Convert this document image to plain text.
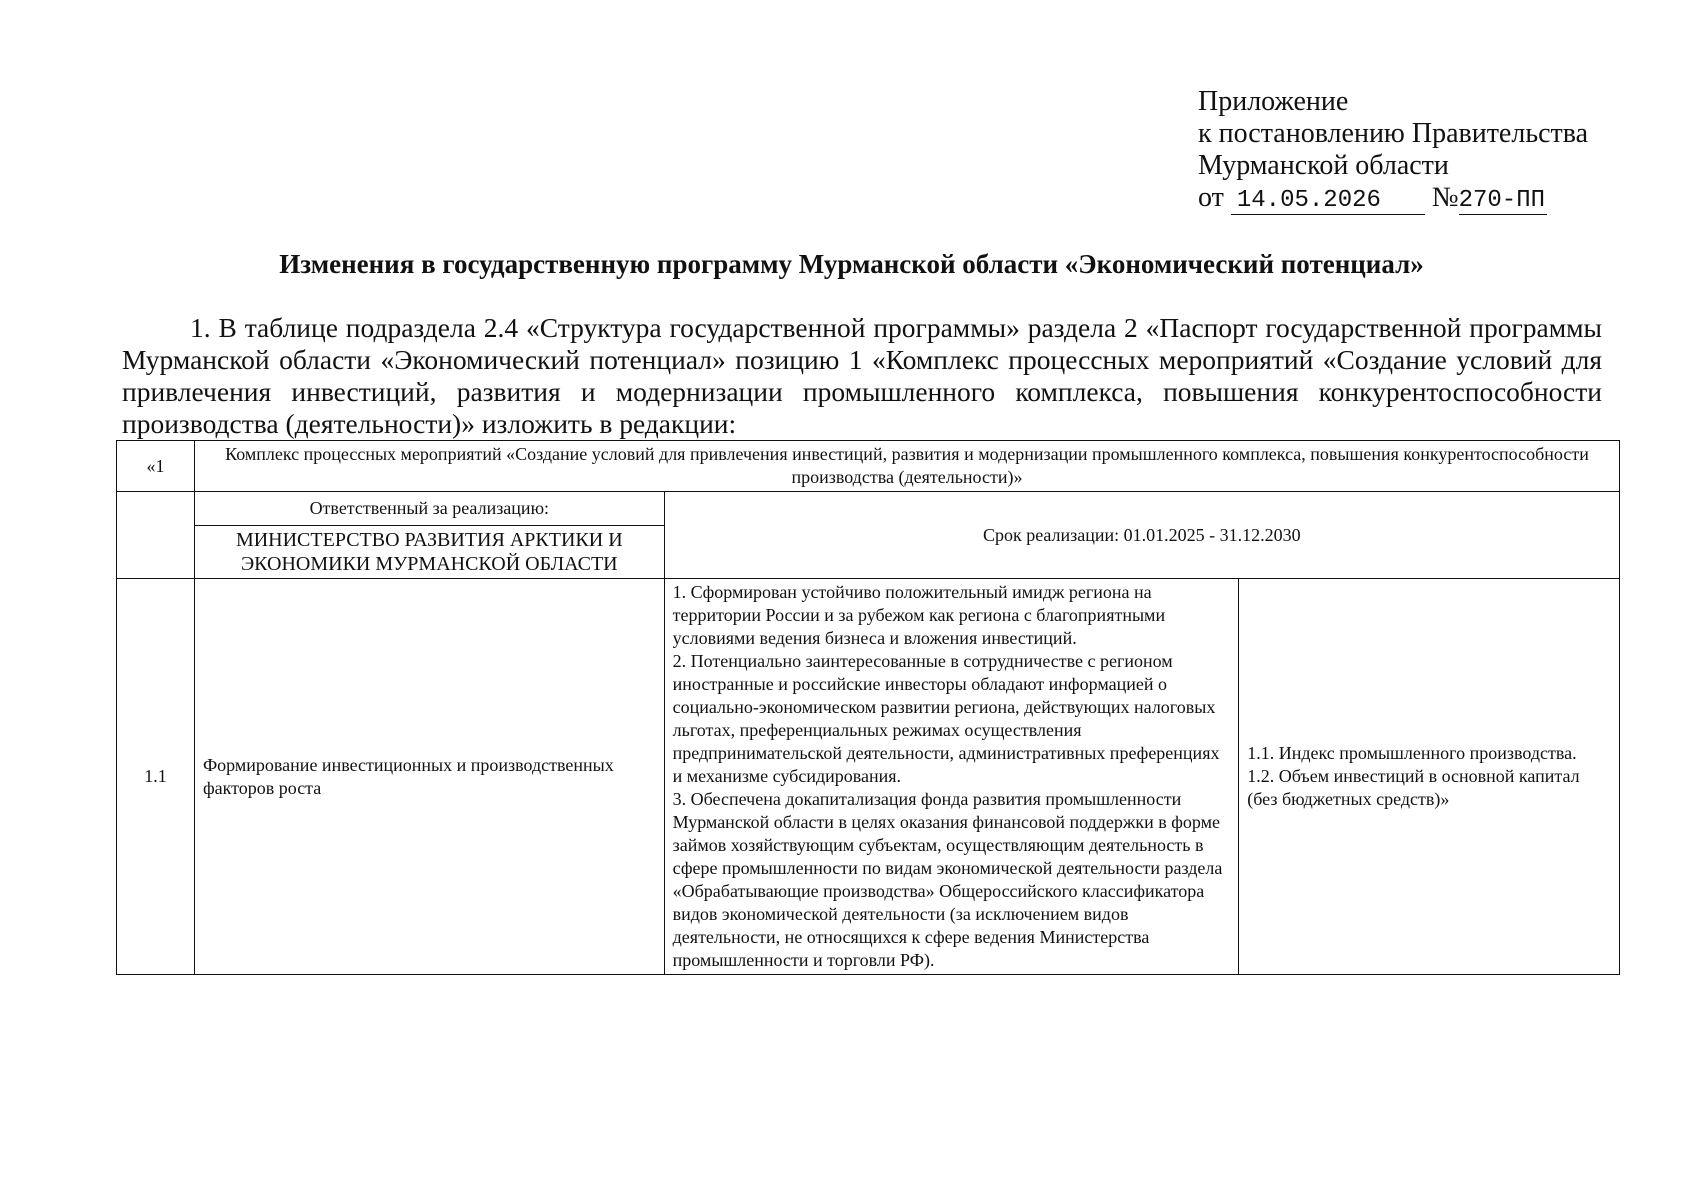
Приложение
к постановлению Правительства
Мурманской области
от 14.05.2026 №270-ПП
Изменения в государственную программу Мурманской области «Экономический потенциал»
1. В таблице подраздела 2.4 «Структура государственной программы» раздела 2 «Паспорт государственной программы Мурманской области «Экономический потенциал» позицию 1 «Комплекс процессных мероприятий «Создание условий для привлечения инвестиций, развития и модернизации промышленного комплекса, повышения конкурентоспособности производства (деятельности)» изложить в редакции:
«1	Комплекс процессных мероприятий «Создание условий для привлечения инвестиций, развития и модернизации промышленного комплекса, повышения конкурентоспособности производства (деятельности)»		
	Ответственный за реализацию:	Срок реализации: 01.01.2025 - 31.12.2030	
	МИНИСТЕРСТВО РАЗВИТИЯ АРКТИКИ И ЭКОНОМИКИ МУРМАНСКОЙ ОБЛАСТИ		
1.1	Формирование инвестиционных и производственных факторов роста	1. Сформирован устойчиво положительный имидж региона на территории России и за рубежом как региона с благоприятными условиями ведения бизнеса и вложения инвестиций.
2. Потенциально заинтересованные в сотрудничестве с регионом иностранные и российские инвесторы обладают информацией о социально-экономическом развитии региона, действующих налоговых льготах, преференциальных режимах осуществления предпринимательской деятельности, административных преференциях и механизме субсидирования.
3. Обеспечена докапитализация фонда развития промышленности Мурманской области в целях оказания финансовой поддержки в форме займов хозяйствующим субъектам, осуществляющим деятельность в сфере промышленности по видам экономической деятельности раздела «Обрабатывающие производства» Общероссийского классификатора видов экономической деятельности (за исключением видов деятельности, не относящихся к сфере ведения Министерства промышленности и торговли РФ).	1.1. Индекс промышленного производства.
1.2. Объем инвестиций в основной капитал (без бюджетных средств)»
